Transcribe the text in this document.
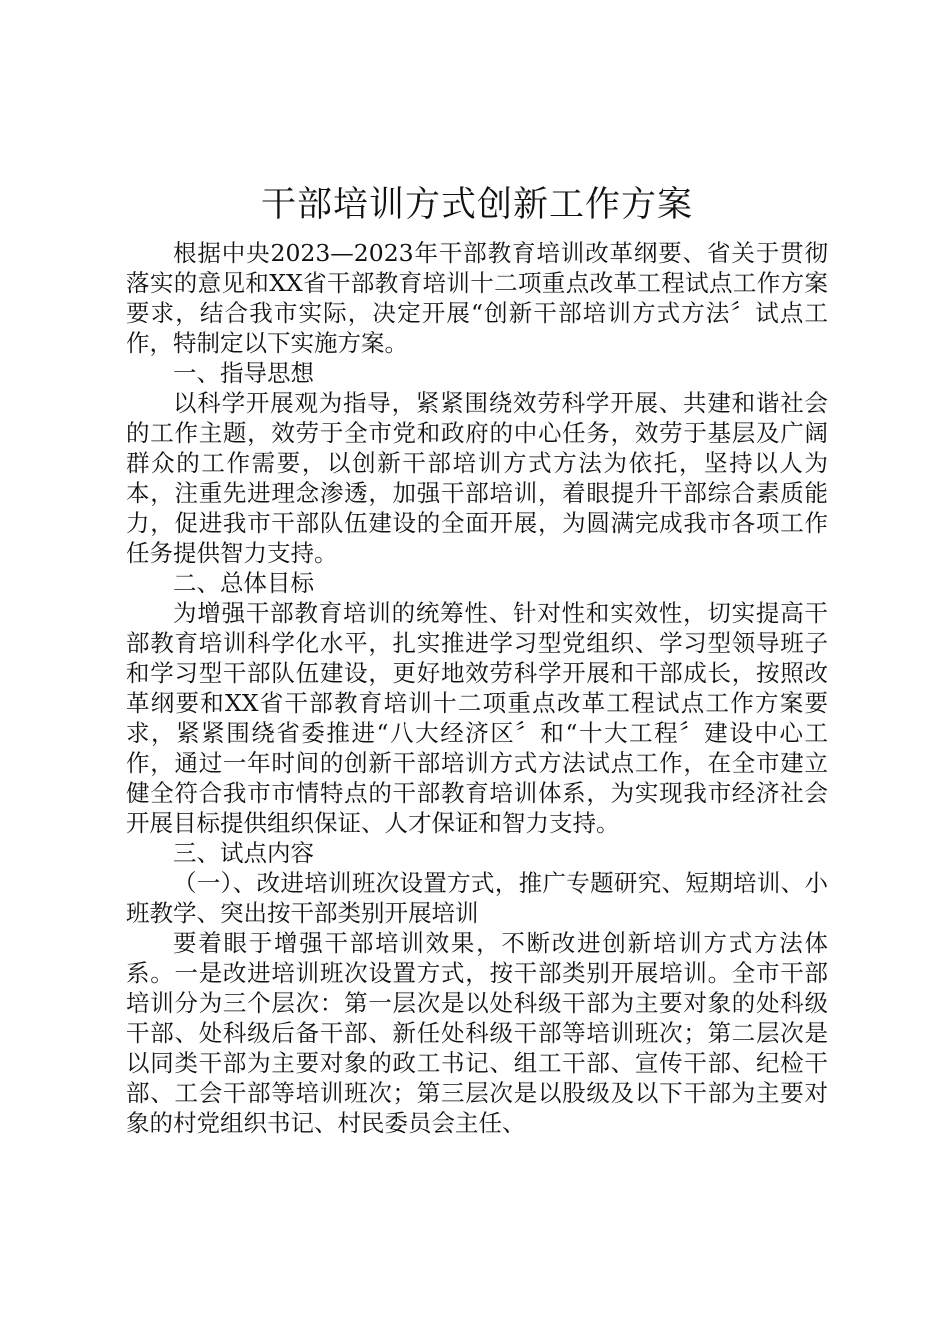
干部培训方式创新工作方案

根据中央2023—2023年干部教育培训改革纲要、省关于贯彻落实的意见和XX省干部教育培训十二项重点改革工程试点工作方案要求，结合我市实际，决定开展“创新干部培训方式方法〞试点工作，特制定以下实施方案。

一、指导思想

以科学开展观为指导，紧紧围绕效劳科学开展、共建和谐社会的工作主题，效劳于全市党和政府的中心任务，效劳于基层及广阔群众的工作需要，以创新干部培训方式方法为依托，坚持以人为本，注重先进理念渗透，加强干部培训，着眼提升干部综合素质能力，促进我市干部队伍建设的全面开展，为圆满完成我市各项工作任务提供智力支持。

二、总体目标

为增强干部教育培训的统筹性、针对性和实效性，切实提高干部教育培训科学化水平，扎实推进学习型党组织、学习型领导班子和学习型干部队伍建设，更好地效劳科学开展和干部成长，按照改革纲要和XX省干部教育培训十二项重点改革工程试点工作方案要求，紧紧围绕省委推进“八大经济区〞和“十大工程〞建设中心工作，通过一年时间的创新干部培训方式方法试点工作，在全市建立健全符合我市市情特点的干部教育培训体系，为实现我市经济社会开展目标提供组织保证、人才保证和智力支持。

三、试点内容

（一）、改进培训班次设置方式，推广专题研究、短期培训、小班教学、突出按干部类别开展培训

要着眼于增强干部培训效果，不断改进创新培训方式方法体系。一是改进培训班次设置方式，按干部类别开展培训。全市干部培训分为三个层次：第一层次是以处科级干部为主要对象的处科级干部、处科级后备干部、新任处科级干部等培训班次；第二层次是以同类干部为主要对象的政工书记、组工干部、宣传干部、纪检干部、工会干部等培训班次；第三层次是以股级及以下干部为主要对象的村党组织书记、村民委员会主任、
